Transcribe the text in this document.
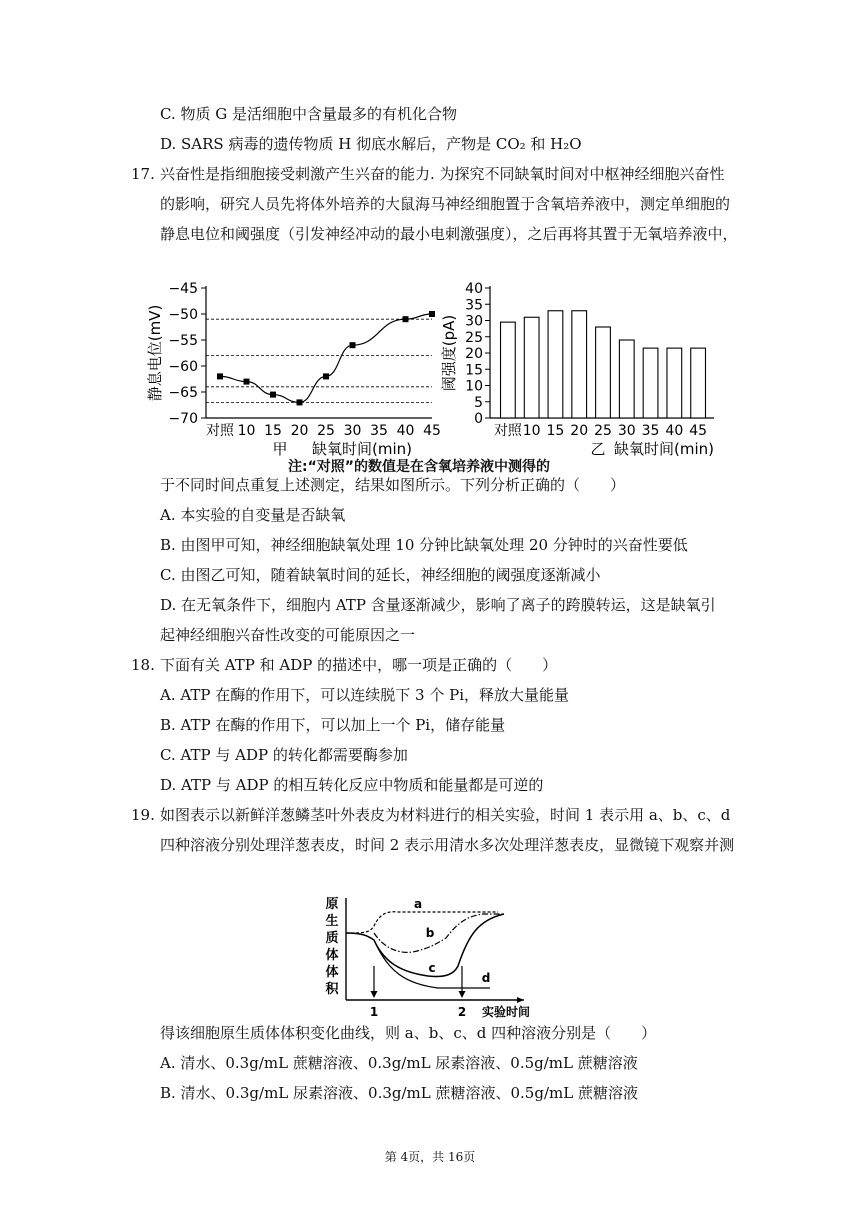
C. 物质 G 是活细胞中含量最多的有机化合物
D. SARS 病毒的遗传物质 H 彻底水解后，产物是 CO₂ 和 H₂O
17. 兴奋性是指细胞接受刺激产生兴奋的能力. 为探究不同缺氧时间对中枢神经细胞兴奋性
的影响，研究人员先将体外培养的大鼠海马神经细胞置于含氧培养液中，测定单细胞的
静息电位和阈强度（引发神经冲动的最小电刺激强度），之后再将其置于无氧培养液中，
−45
−50
−55
−60
−65
−70
对照 10 15 20 25 30 35 40 45
静息电位(mV)
甲 缺氧时间(min)
0
5
10
15
20
25
30
35
40
对照 10 15 20 25 30 35 40 45
阈强度(pA)
乙 缺氧时间(min)
注:“对照”的数值是在含氧培养液中测得的
于不同时间点重复上述测定，结果如图所示。下列分析正确的（　　）
A. 本实验的自变量是否缺氧
B. 由图甲可知，神经细胞缺氧处理 10 分钟比缺氧处理 20 分钟时的兴奋性要低
C. 由图乙可知，随着缺氧时间的延长，神经细胞的阈强度逐渐减小
D. 在无氧条件下，细胞内 ATP 含量逐渐减少，影响了离子的跨膜转运，这是缺氧引
起神经细胞兴奋性改变的可能原因之一
18. 下面有关 ATP 和 ADP 的描述中，哪一项是正确的（　　）
A. ATP 在酶的作用下，可以连续脱下 3 个 Pi，释放大量能量
B. ATP 在酶的作用下，可以加上一个 Pi，储存能量
C. ATP 与 ADP 的转化都需要酶参加
D. ATP 与 ADP 的相互转化反应中物质和能量都是可逆的
19. 如图表示以新鲜洋葱鳞茎叶外表皮为材料进行的相关实验，时间 1 表示用 a、b、c、d
四种溶液分别处理洋葱表皮，时间 2 表示用清水多次处理洋葱表皮，显微镜下观察并测
原
生
质
体
体
积
a
b
c
d
1	2 实验时间
得该细胞原生质体体积变化曲线，则 a、b、c、d 四种溶液分别是（　　）
A. 清水、0.3g/mL 蔗糖溶液、0.3g/mL 尿素溶液、0.5g/mL 蔗糖溶液
B. 清水、0.3g/mL 尿素溶液、0.3g/mL 蔗糖溶液、0.5g/mL 蔗糖溶液
第 4页，共 16页
